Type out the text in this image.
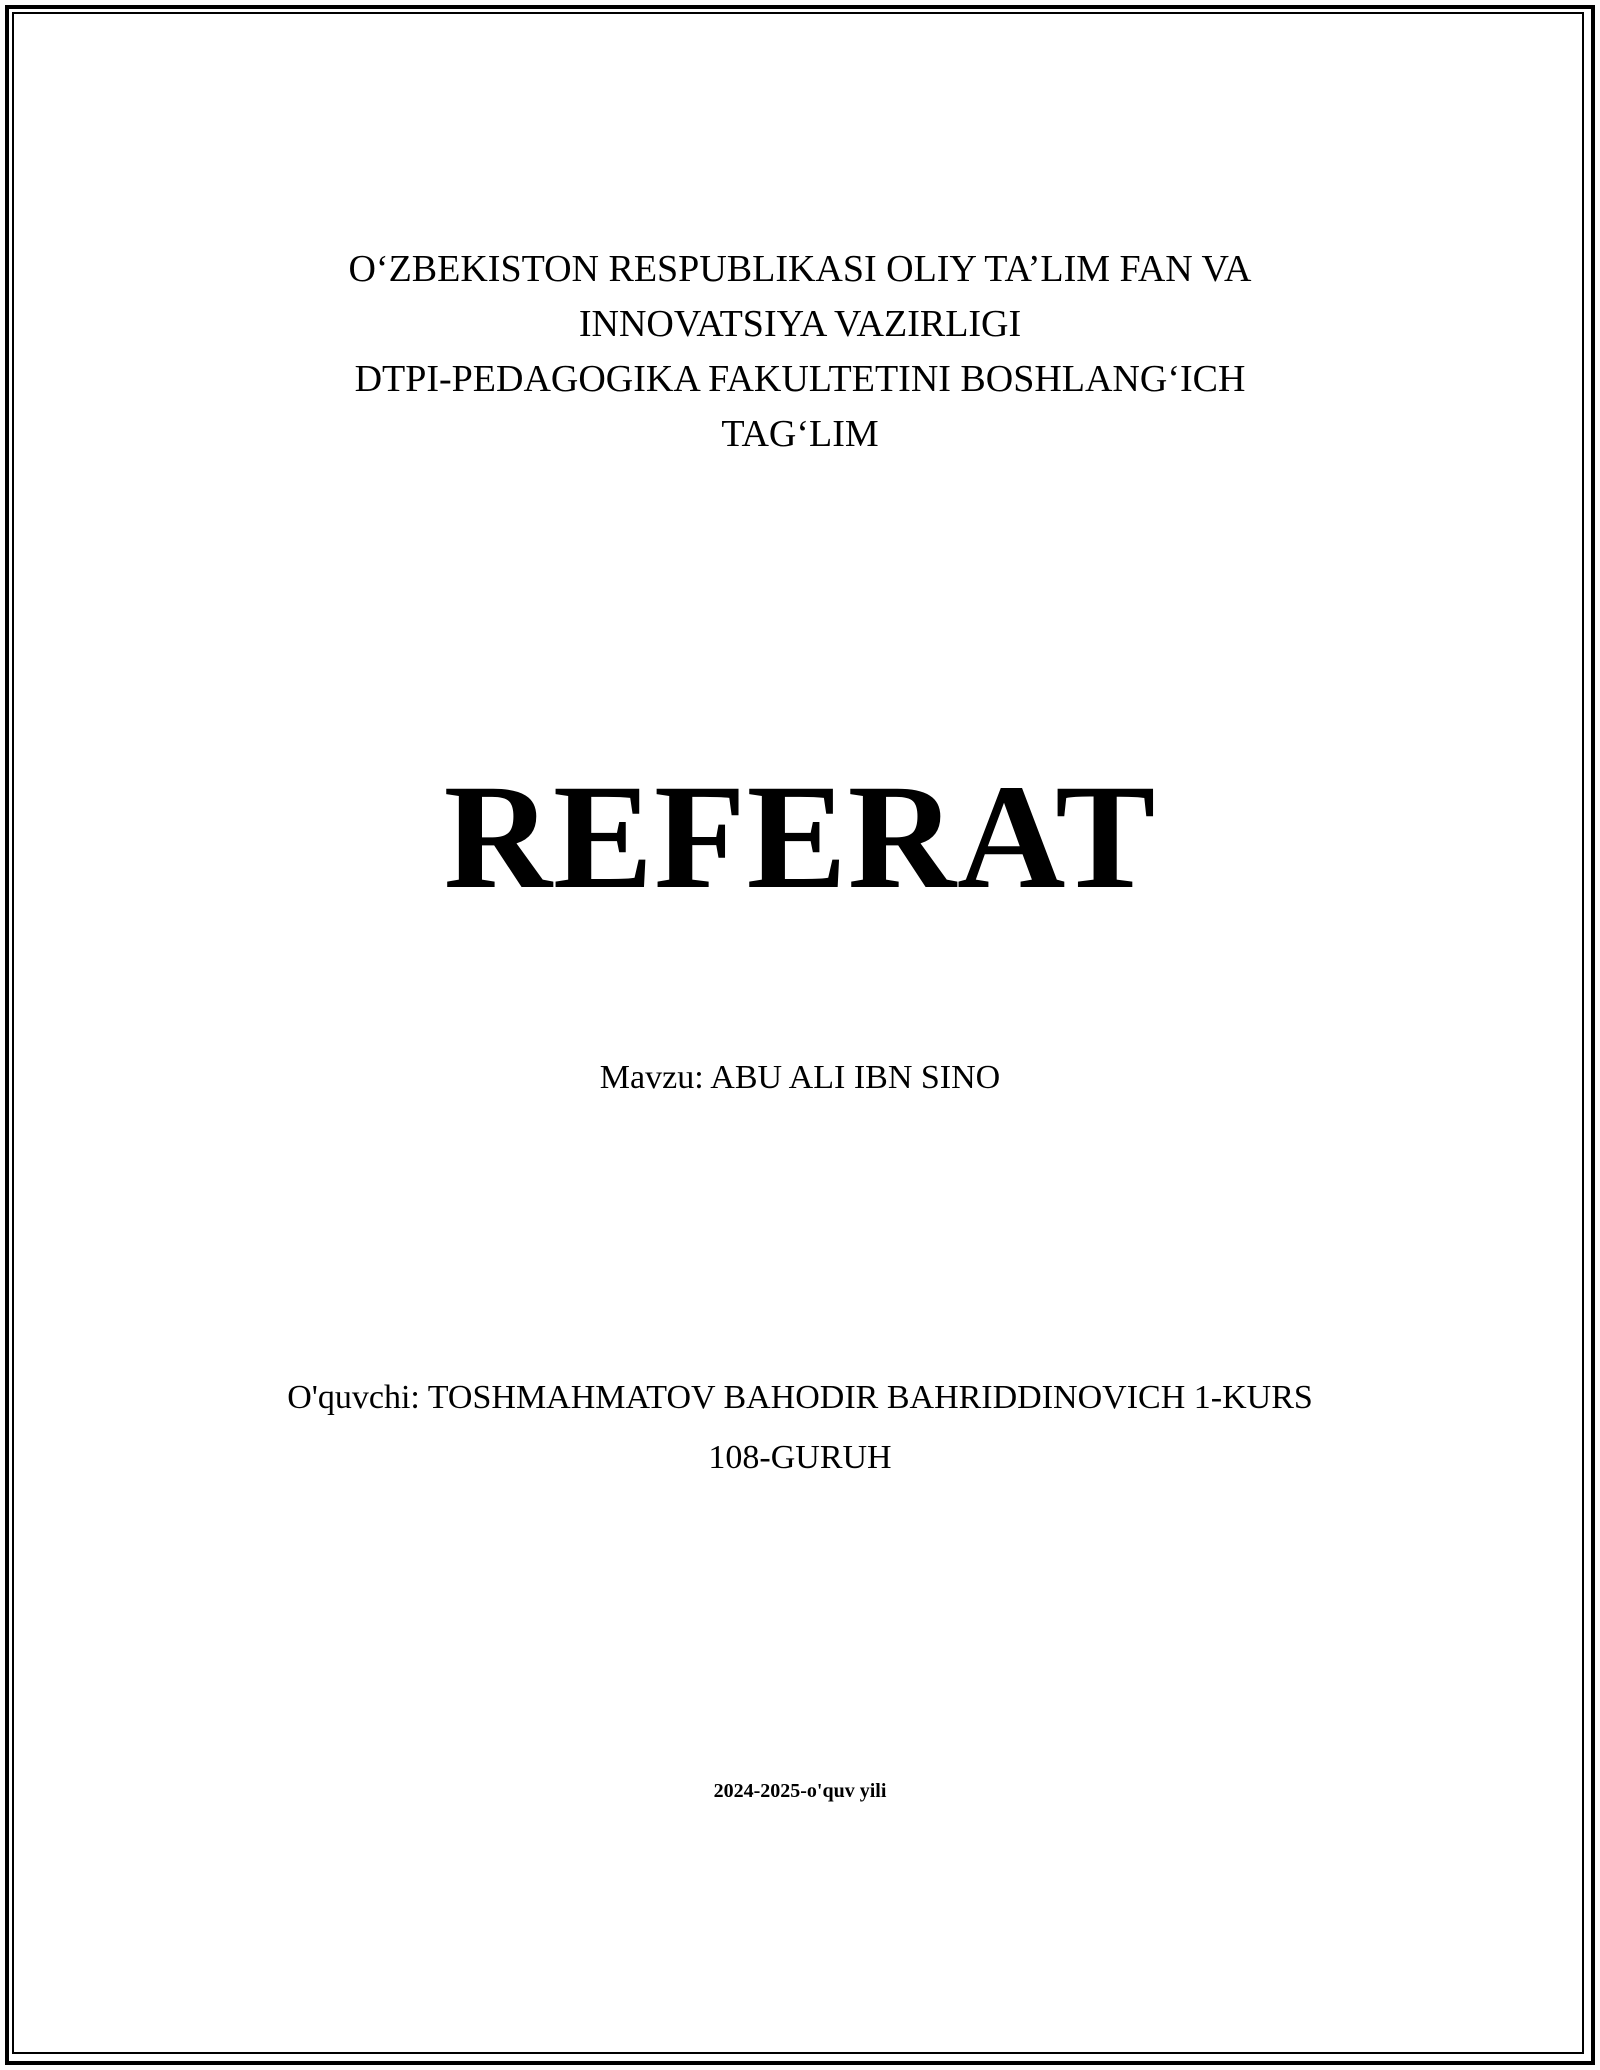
O‘ZBEKISTON RESPUBLIKASI OLIY TA’LIM FAN VA
INNOVATSIYA VAZIRLIGI
DTPI-PEDAGOGIKA FAKULTETINI BOSHLANG‘ICH
TAG‘LIM
REFERAT
Mavzu: ABU ALI IBN SINO
O'quvchi: TOSHMAHMATOV BAHODIR BAHRIDDINOVICH 1-KURS
108-GURUH
2024-2025-o'quv yili
